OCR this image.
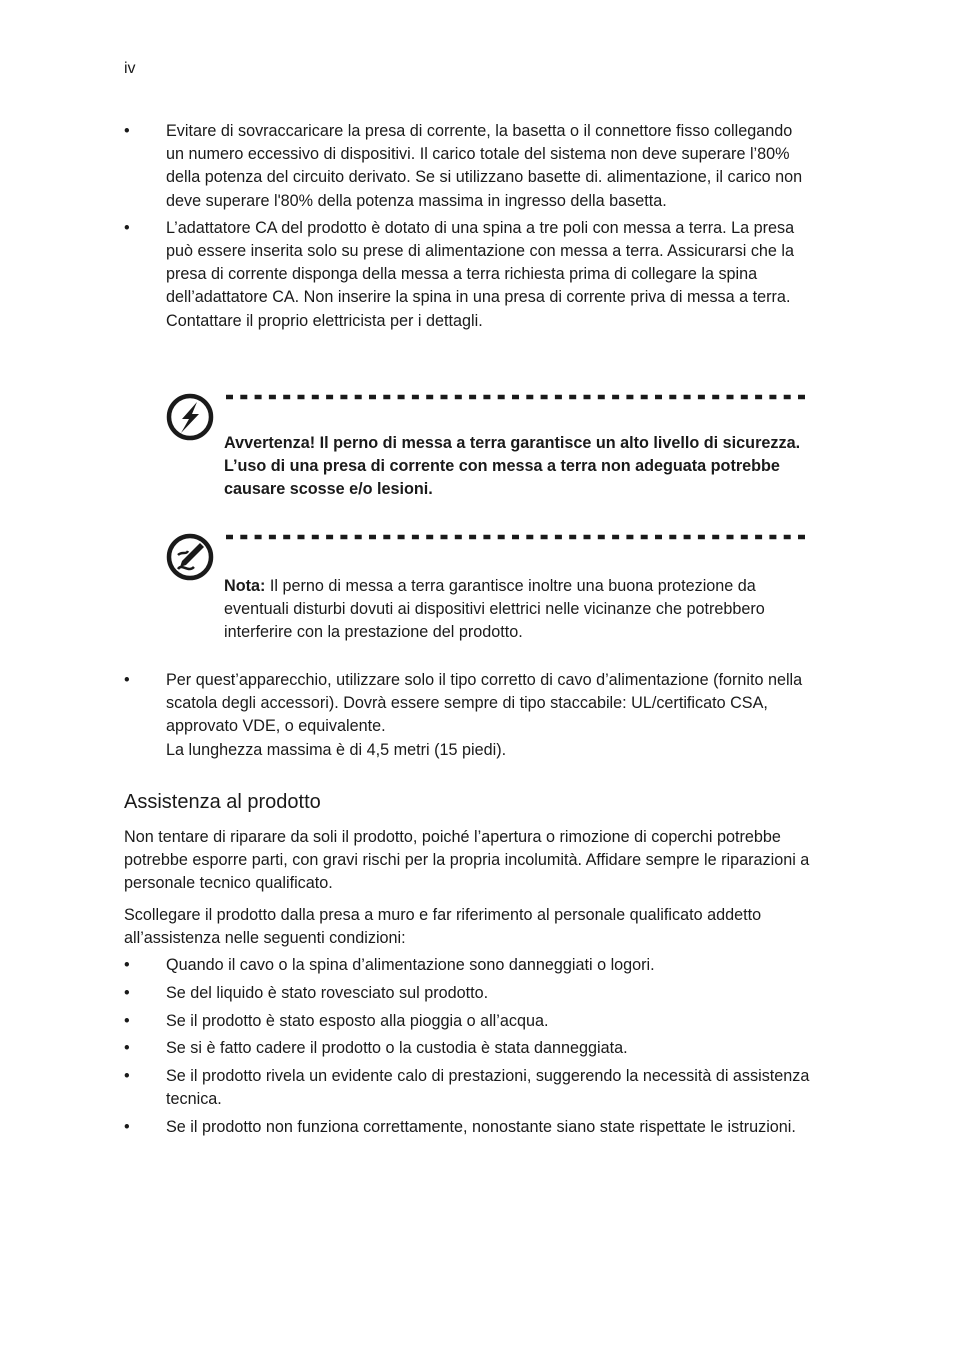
iv
• Evitare di sovraccaricare la presa di corrente, la basetta o il connettore fisso collegando un numero eccessivo di dispositivi. Il carico totale del sistema non deve superare l’80% della potenza del circuito derivato. Se si utilizzano basette di. alimentazione, il carico non deve superare l'80% della potenza massima in ingresso della basetta.
• L’adattatore CA del prodotto è dotato di una spina a tre poli con messa a terra. La presa può essere inserita solo su prese di alimentazione con messa a terra. Assicurarsi che la presa di corrente disponga della messa a terra richiesta prima di collegare la spina dell’adattatore CA. Non inserire la spina in una presa di corrente priva di messa a terra. Contattare il proprio elettricista per i dettagli.
Avvertenza! Il perno di messa a terra garantisce un alto livello di sicurezza. L’uso di una presa di corrente con messa a terra non adeguata potrebbe causare scosse e/o lesioni.
Nota: Il perno di messa a terra garantisce inoltre una buona protezione da eventuali disturbi dovuti ai dispositivi elettrici nelle vicinanze che potrebbero interferire con la prestazione del prodotto.
• Per quest’apparecchio, utilizzare solo il tipo corretto di cavo d’alimentazione (fornito nella scatola degli accessori). Dovrà essere sempre di tipo staccabile: UL/certificato CSA, approvato VDE, o equivalente.
La lunghezza massima è di 4,5 metri (15 piedi).
Assistenza al prodotto

Non tentare di riparare da soli il prodotto, poiché l’apertura o rimozione di coperchi potrebbe potrebbe esporre parti, con gravi rischi per la propria incolumità. Affidare sempre le riparazioni a personale tecnico qualificato.

Scollegare il prodotto dalla presa a muro e far riferimento al personale qualificato addetto all’assistenza nelle seguenti condizioni:

• Quando il cavo o la spina d’alimentazione sono danneggiati o logori.
• Se del liquido è stato rovesciato sul prodotto.
• Se il prodotto è stato esposto alla pioggia o all’acqua.
• Se si è fatto cadere il prodotto o la custodia è stata danneggiata.
• Se il prodotto rivela un evidente calo di prestazioni, suggerendo la necessità di assistenza tecnica.
• Se il prodotto non funziona correttamente, nonostante siano state rispettate le istruzioni.
